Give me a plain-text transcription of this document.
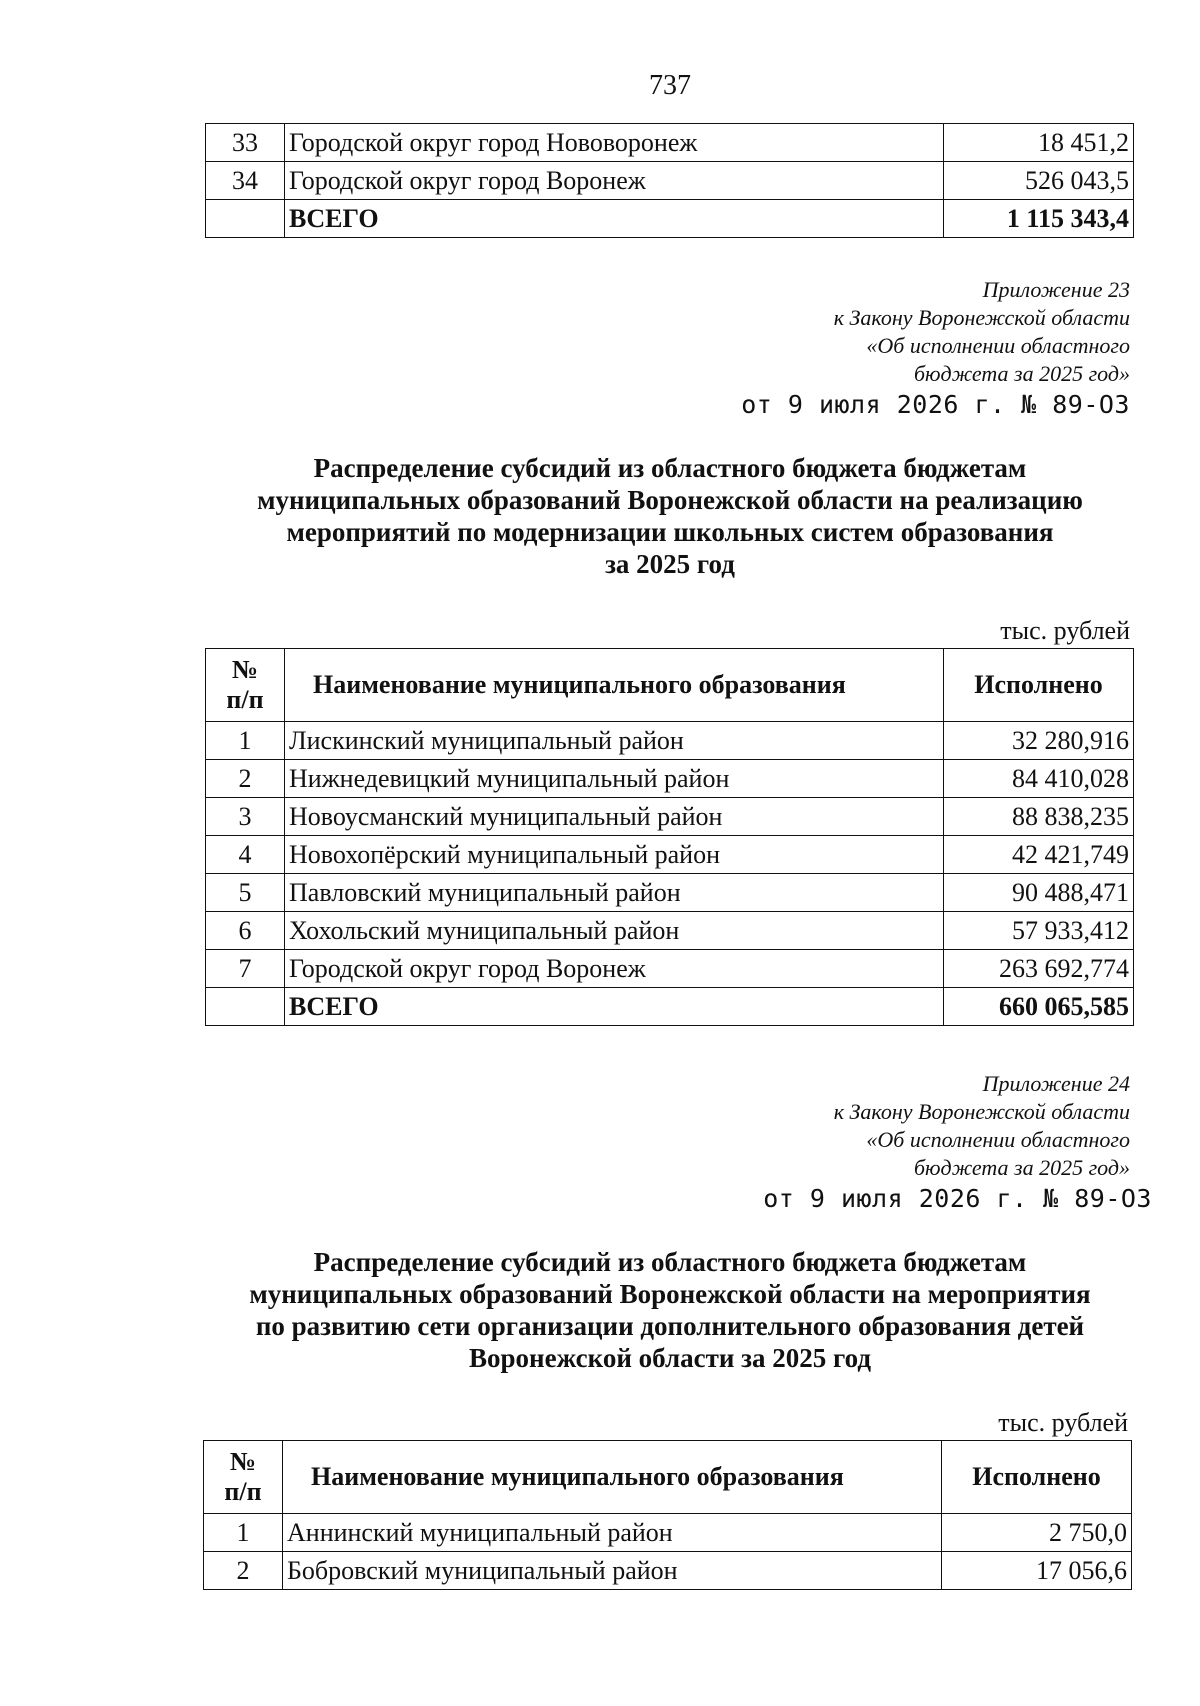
737
33	Городской округ город Нововоронеж	18 451,2
34	Городской округ город Воронеж	526 043,5
	ВСЕГО	1 115 343,4
Приложение 23
к Закону Воронежской области
«Об исполнении областного
бюджета за 2025 год»
от 9 июля 2026 г. № 89-ОЗ
Распределение субсидий из областного бюджета бюджетам
муниципальных образований Воронежской области на реализацию
мероприятий по модернизации школьных систем образования
за 2025 год
тыс. рублей
№
п/п	Наименование муниципального образования	Исполнено
1	Лискинский муниципальный район	32 280,916
2	Нижнедевицкий муниципальный район	84 410,028
3	Новоусманский муниципальный район	88 838,235
4	Новохопёрский муниципальный район	42 421,749
5	Павловский муниципальный район	90 488,471
6	Хохольский муниципальный район	57 933,412
7	Городской округ город Воронеж	263 692,774
	ВСЕГО	660 065,585
Приложение 24
к Закону Воронежской области
«Об исполнении областного
бюджета за 2025 год»
от 9 июля 2026 г. № 89-ОЗ
Распределение субсидий из областного бюджета бюджетам
муниципальных образований Воронежской области на мероприятия
по развитию сети организации дополнительного образования детей
Воронежской области за 2025 год
тыс. рублей
№
п/п	Наименование муниципального образования	Исполнено
1	Аннинский муниципальный район	2 750,0
2	Бобровский муниципальный район	17 056,6
